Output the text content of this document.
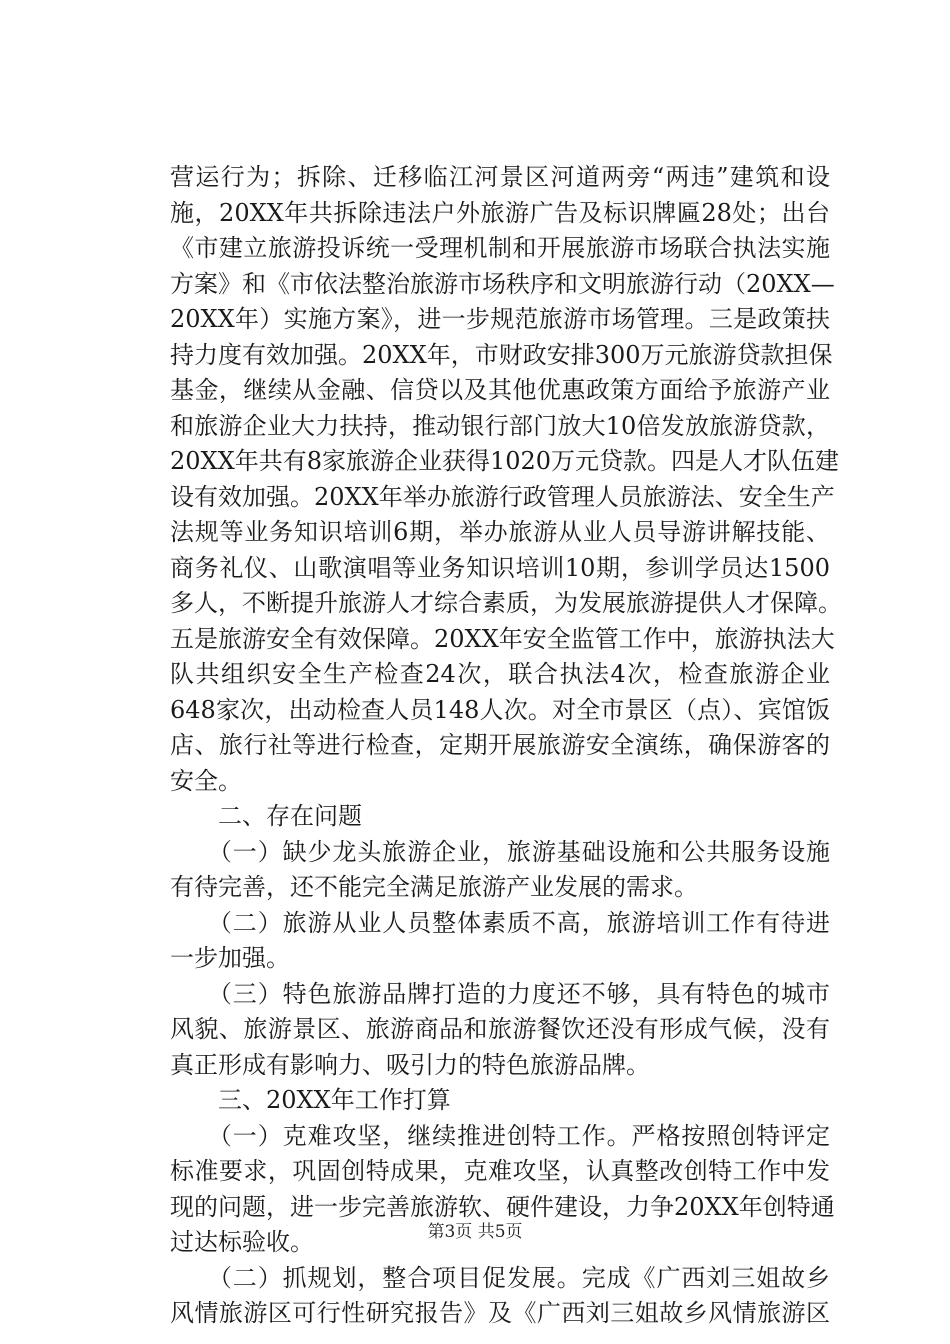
营运行为；拆除、迁移临江河景区河道两旁“两违”建筑和设
施，20XX年共拆除违法户外旅游广告及标识牌匾28处；出台
《市建立旅游投诉统一受理机制和开展旅游市场联合执法实施
方案》和《市依法整治旅游市场秩序和文明旅游行动（20XX—
20XX年）实施方案》，进一步规范旅游市场管理。三是政策扶
持力度有效加强。20XX年，市财政安排300万元旅游贷款担保
基金，继续从金融、信贷以及其他优惠政策方面给予旅游产业
和旅游企业大力扶持，推动银行部门放大10倍发放旅游贷款，
20XX年共有8家旅游企业获得1020万元贷款。四是人才队伍建
设有效加强。20XX年举办旅游行政管理人员旅游法、安全生产
法规等业务知识培训6期，举办旅游从业人员导游讲解技能、
商务礼仪、山歌演唱等业务知识培训10期，参训学员达1500
多人，不断提升旅游人才综合素质，为发展旅游提供人才保障。
五是旅游安全有效保障。20XX年安全监管工作中，旅游执法大
队共组织安全生产检查24次，联合执法4次，检查旅游企业
648家次，出动检查人员148人次。对全市景区（点）、宾馆饭
店、旅行社等进行检查，定期开展旅游安全演练，确保游客的
安全。
　　二、存在问题
　　（一）缺少龙头旅游企业，旅游基础设施和公共服务设施
有待完善，还不能完全满足旅游产业发展的需求。
　　（二）旅游从业人员整体素质不高，旅游培训工作有待进
一步加强。
　　（三）特色旅游品牌打造的力度还不够，具有特色的城市
风貌、旅游景区、旅游商品和旅游餐饮还没有形成气候，没有
真正形成有影响力、吸引力的特色旅游品牌。
　　三、20XX年工作打算
　　（一）克难攻坚，继续推进创特工作。严格按照创特评定
标准要求，巩固创特成果，克难攻坚，认真整改创特工作中发
现的问题，进一步完善旅游软、硬件建设，力争20XX年创特通
过达标验收。
　　（二）抓规划，整合项目促发展。完成《广西刘三姐故乡
风情旅游区可行性研究报告》及《广西刘三姐故乡风情旅游区
第3页 共5页
